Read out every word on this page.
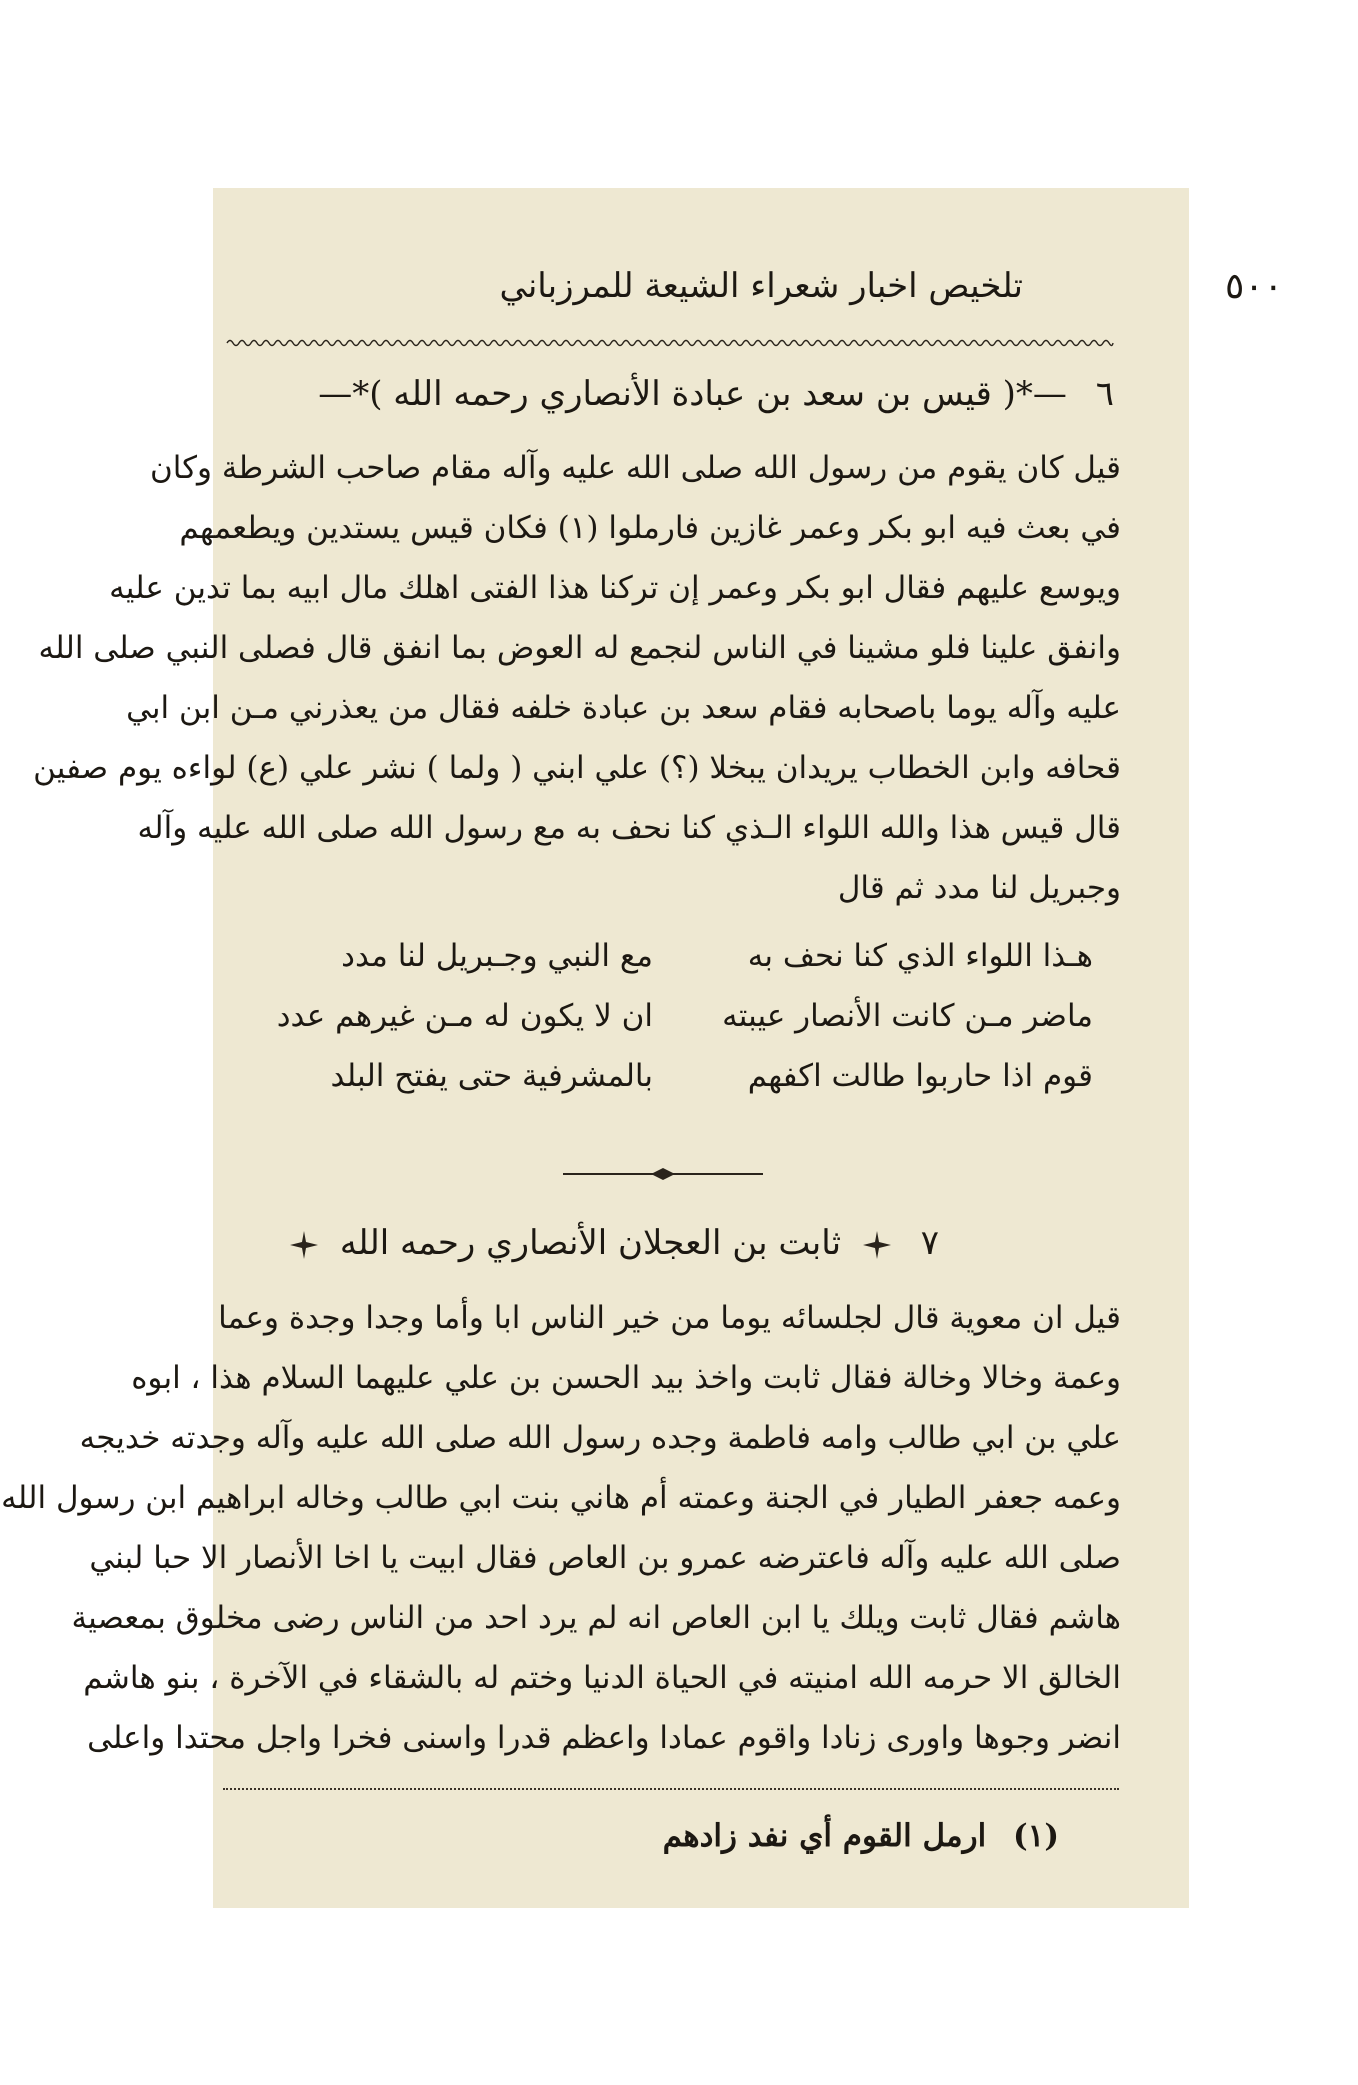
٥٠٠
تلخيص اخبار شعراء الشيعة للمرزباني
٦ —*( قيس بن سعد بن عبادة الأنصاري رحمه الله )*—
قيل كان يقوم من رسول الله صلى الله عليه وآله مقام صاحب الشرطة وكان
في بعث فيه ابو بكر وعمر غازين فارملوا (١) فكان قيس يستدين ويطعمهم
ويوسع عليهم فقال ابو بكر وعمر إن تركنا هذا الفتى اهلك مال ابيه بما تدين عليه
وانفق علينا فلو مشينا في الناس لنجمع له العوض بما انفق قال فصلى النبي صلى الله
عليه وآله يوما باصحابه فقام سعد بن عبادة خلفه فقال من يعذرني مـن ابن ابي
قحافه وابن الخطاب يريدان يبخلا (؟) علي ابني ( ولما ) نشر علي (ع) لواءه يوم صفين
قال قيس هذا والله اللواء الـذي كنا نحف به مع رسول الله صلى الله عليه وآله
وجبريل لنا مدد ثم قال
هـذا اللواء الذي كنا نحف به
مع النبي وجـبريل لنا مدد
ماضر مـن كانت الأنصار عيبته
ان لا يكون له مـن غيرهم عدد
قوم اذا حاربوا طالت اكفهم
بالمشرفية حتى يفتح البلد
٧  ثابت بن العجلان الأنصاري رحمه الله
قيل ان معوية قال لجلسائه يوما من خير الناس ابا وأما وجدا وجدة وعما
وعمة وخالا وخالة فقال ثابت واخذ بيد الحسن بن علي عليهما السلام هذا ، ابوه
علي بن ابي طالب وامه فاطمة وجده رسول الله صلى الله عليه وآله وجدته خديجه
وعمه جعفر الطيار في الجنة وعمته أم هاني بنت ابي طالب وخاله ابراهيم ابن رسول الله
صلى الله عليه وآله فاعترضه عمرو بن العاص فقال ابيت يا اخا الأنصار الا حبا لبني
هاشم فقال ثابت ويلك يا ابن العاص انه لم يرد احد من الناس رضى مخلوق بمعصية
الخالق الا حرمه الله امنيته في الحياة الدنيا وختم له بالشقاء في الآخرة ، بنو هاشم
انضر وجوها واورى زنادا واقوم عمادا واعظم قدرا واسنى فخرا واجل محتدا واعلى
(١) ارمل القوم أي نفد زادهم
